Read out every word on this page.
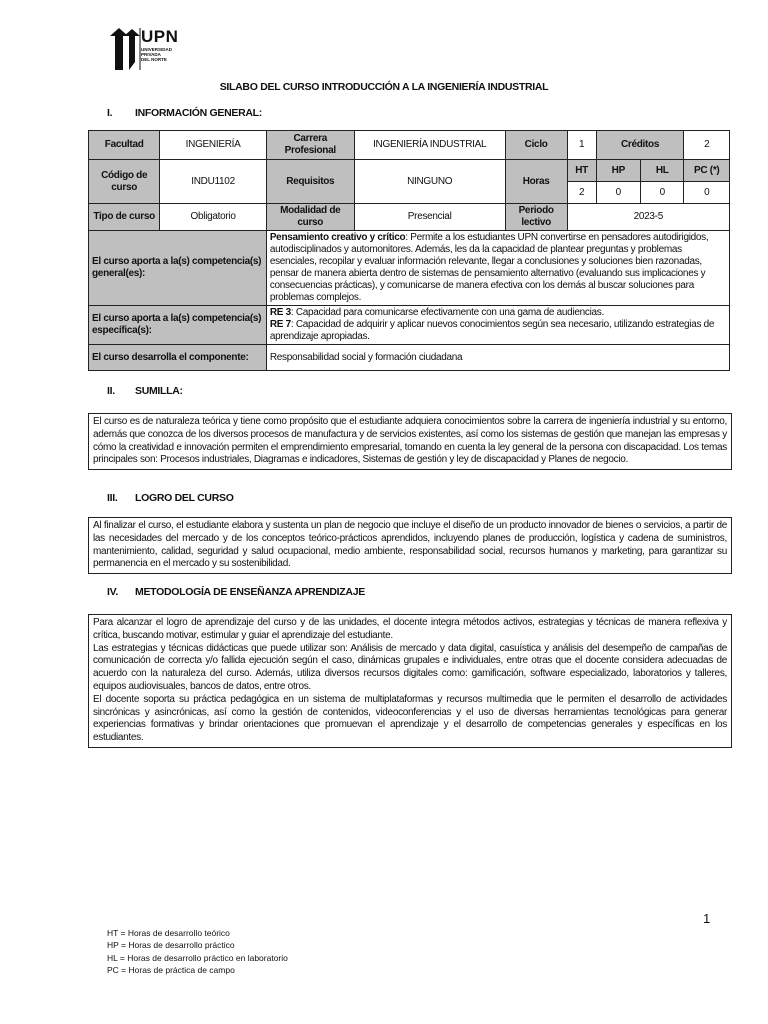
UPN
UNIVERSIDAD
PRIVADA
DEL NORTE
SILABO DEL CURSO INTRODUCCIÓN A LA INGENIERÍA INDUSTRIAL
I. INFORMACIÓN GENERAL:
Facultad	INGENIERÍA	Carrera Profesional	INGENIERÍA INDUSTRIAL	Ciclo	1	Créditos		2
Código de curso	INDU1102	Requisitos	NINGUNO	Horas	HT	HP	HL	PC (*)
					2	0	0	0
Tipo de curso	Obligatorio	Modalidad de curso	Presencial	Periodo lectivo	2023-5			
El curso aporta a la(s) competencia(s) general(es):		Pensamiento creativo y crítico: Permite a los estudiantes UPN convertirse en pensadores autodirigidos, autodisciplinados y automonitores. Además, les da la capacidad de plantear preguntas y problemas esenciales, recopilar y evaluar información relevante, llegar a conclusiones y soluciones bien razonadas, pensar de manera abierta dentro de sistemas de pensamiento alternativo (evaluando sus implicaciones y consecuencias prácticas), y comunicarse de manera efectiva con los demás al buscar soluciones para problemas complejos.						
El curso aporta a la(s) competencia(s) específica(s):		RE 3: Capacidad para comunicarse efectivamente con una gama de audiencias.
RE 7: Capacidad de adquirir y aplicar nuevos conocimientos según sea necesario, utilizando estrategias de aprendizaje apropiadas.						

El curso desarrolla el componente:		Responsabilidad social y formación ciudadana						
II. SUMILLA:
El curso es de naturaleza teórica y tiene como propósito que el estudiante adquiera conocimientos sobre la carrera de ingeniería industrial y su entorno, además que conozca de los diversos procesos de manufactura y de servicios existentes, así como los sistemas de gestión que manejan las empresas y cómo la creatividad e innovación permiten el emprendimiento empresarial, tomando en cuenta la ley general de la persona con discapacidad. Los temas principales son: Procesos industriales, Diagramas e indicadores, Sistemas de gestión y ley de discapacidad y Planes de negocio.
III. LOGRO DEL CURSO
Al finalizar el curso, el estudiante elabora y sustenta un plan de negocio que incluye el diseño de un producto innovador de bienes o servicios, a partir de las necesidades del mercado y de los conceptos teórico-prácticos aprendidos, incluyendo planes de producción, logística y cadena de suministros, mantenimiento, calidad, seguridad y salud ocupacional, medio ambiente, responsabilidad social, recursos humanos y marketing, para garantizar su permanencia en el mercado y su sostenibilidad.
IV. METODOLOGÍA DE ENSEÑANZA APRENDIZAJE
Para alcanzar el logro de aprendizaje del curso y de las unidades, el docente integra métodos activos, estrategias y técnicas de manera reflexiva y crítica, buscando motivar, estimular y guiar el aprendizaje del estudiante.
Las estrategias y técnicas didácticas que puede utilizar son: Análisis de mercado y data digital, casuística y análisis del desempeño de campañas de comunicación de correcta y/o fallida ejecución según el caso, dinámicas grupales e individuales, entre otras que el docente considera adecuadas de acuerdo con la naturaleza del curso. Además, utiliza diversos recursos digitales como: gamificación, software especializado, laboratorios y talleres, equipos audiovisuales, bancos de datos, entre otros.
El docente soporta su práctica pedagógica en un sistema de multiplataformas y recursos multimedia que le permiten el desarrollo de actividades sincrónicas y asincrónicas, así como la gestión de contenidos, videoconferencias y el uso de diversas herramientas tecnológicas para generar experiencias formativas y brindar orientaciones que promuevan el aprendizaje y el desarrollo de competencias generales y específicas en los estudiantes.
1
HT = Horas de desarrollo teórico
HP = Horas de desarrollo práctico
HL = Horas de desarrollo práctico en laboratorio
PC = Horas de práctica de campo
